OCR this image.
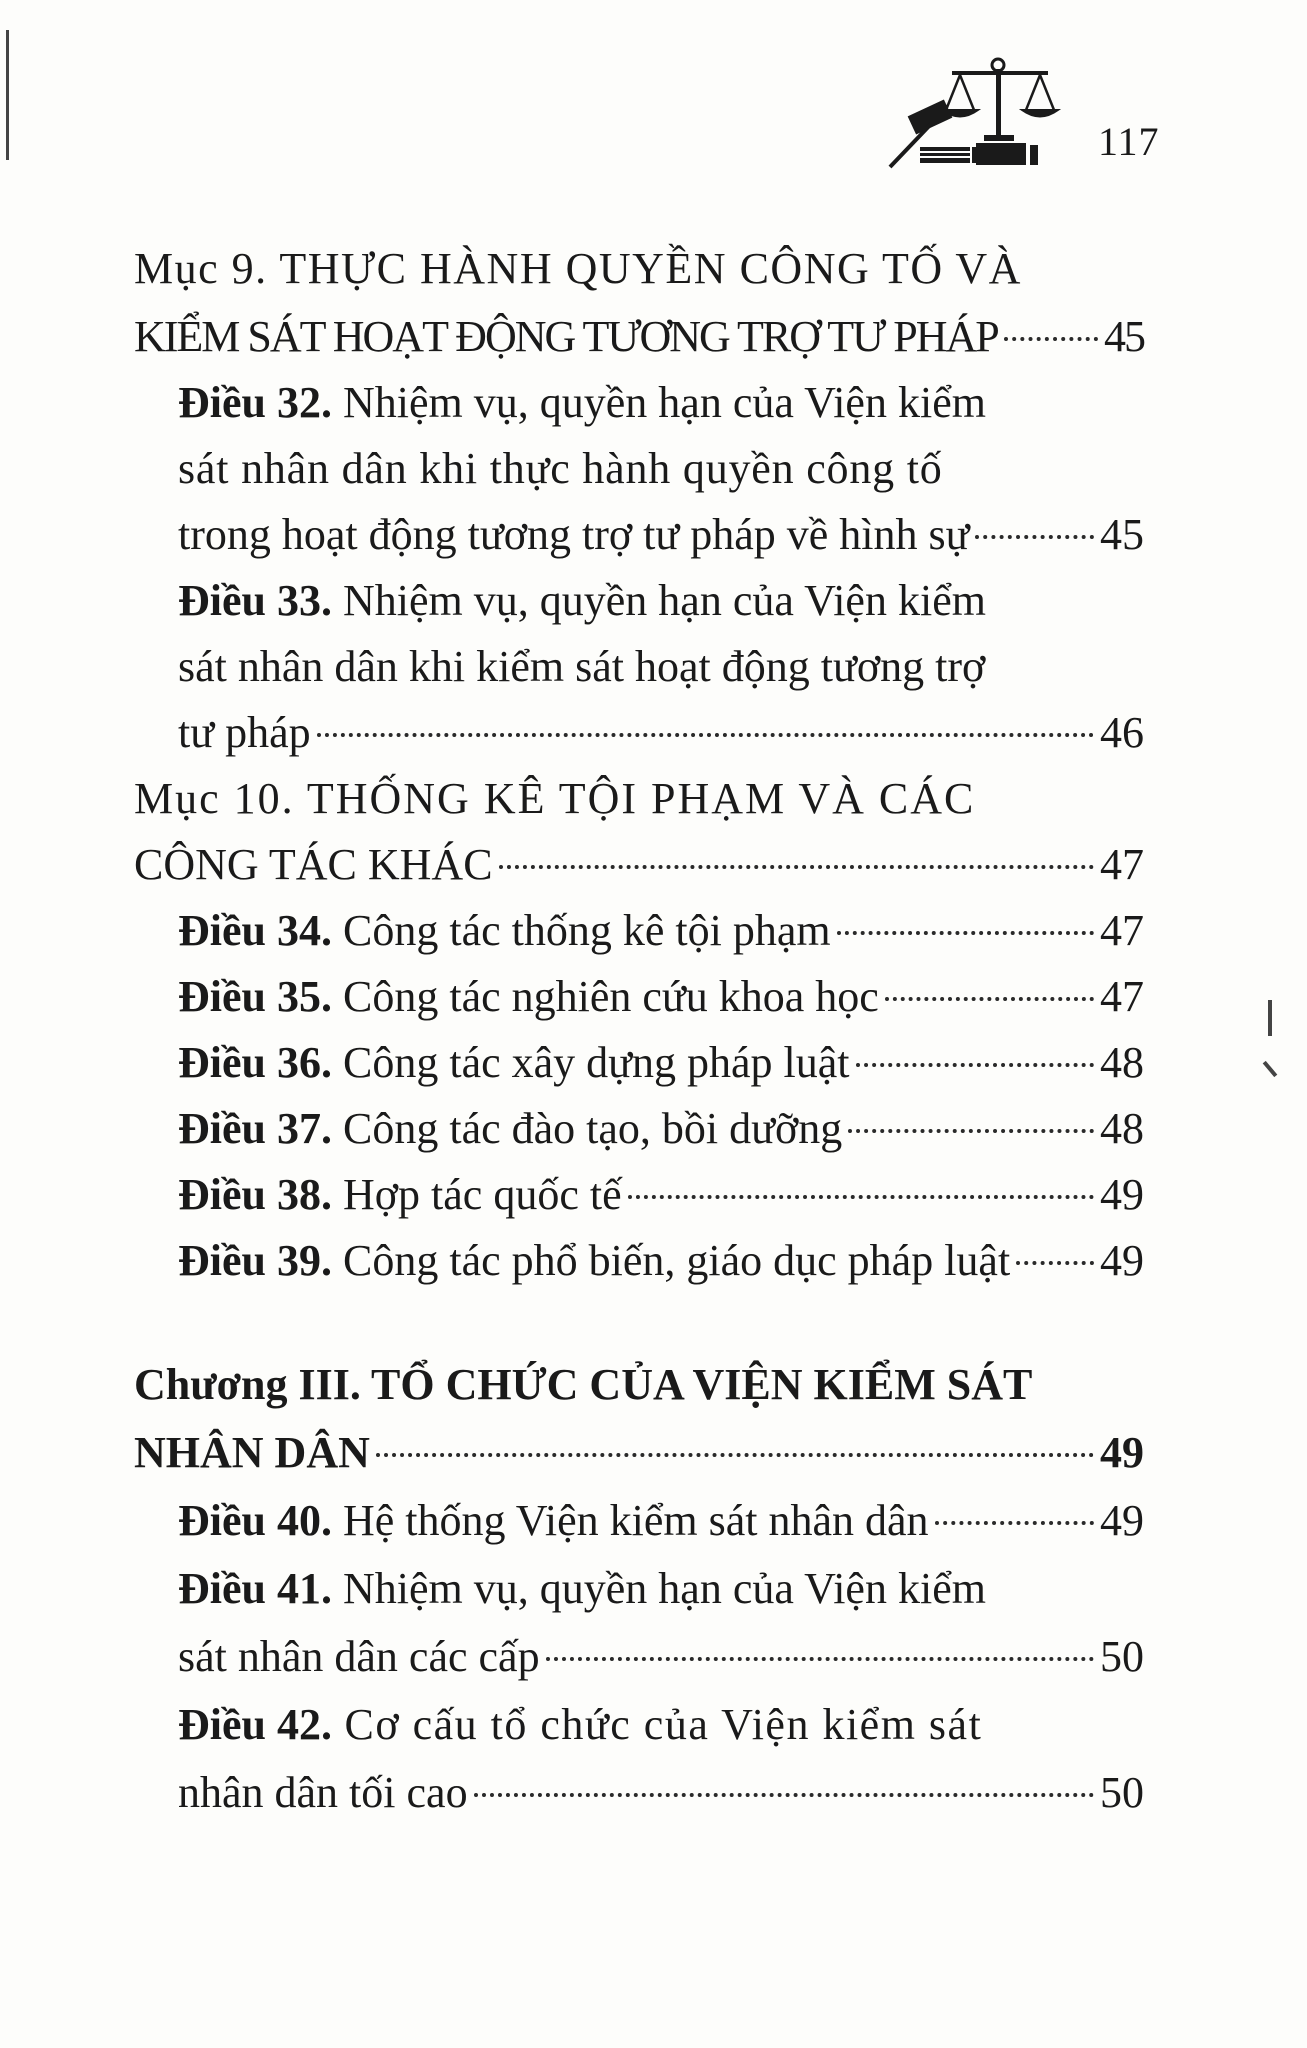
117
Mục 9. THỰC HÀNH QUYỀN CÔNG TỐ VÀ
KIỂM SÁT HOẠT ĐỘNG TƯƠNG TRỢ TƯ PHÁP 45
Điều 32. Nhiệm vụ, quyền hạn của Viện kiểm
sát nhân dân khi thực hành quyền công tố
trong hoạt động tương trợ tư pháp về hình sự	45
Điều 33. Nhiệm vụ, quyền hạn của Viện kiểm
sát nhân dân khi kiểm sát hoạt động tương trợ
tư pháp	46
Mục 10. THỐNG KÊ TỘI PHẠM VÀ CÁC
CÔNG TÁC KHÁC	47
Điều 34. Công tác thống kê tội phạm	47
Điều 35. Công tác nghiên cứu khoa học	47
Điều 36. Công tác xây dựng pháp luật	48
Điều 37. Công tác đào tạo, bồi dưỡng	48
Điều 38. Hợp tác quốc tế	49
Điều 39. Công tác phổ biến, giáo dục pháp luật 49
Chương III. TỔ CHỨC CỦA VIỆN KIỂM SÁT
NHÂN DÂN	49
Điều 40. Hệ thống Viện kiểm sát nhân dân	49
Điều 41. Nhiệm vụ, quyền hạn của Viện kiểm
sát nhân dân các cấp	50
Điều 42. Cơ cấu tổ chức của Viện kiểm sát
nhân dân tối cao	50
